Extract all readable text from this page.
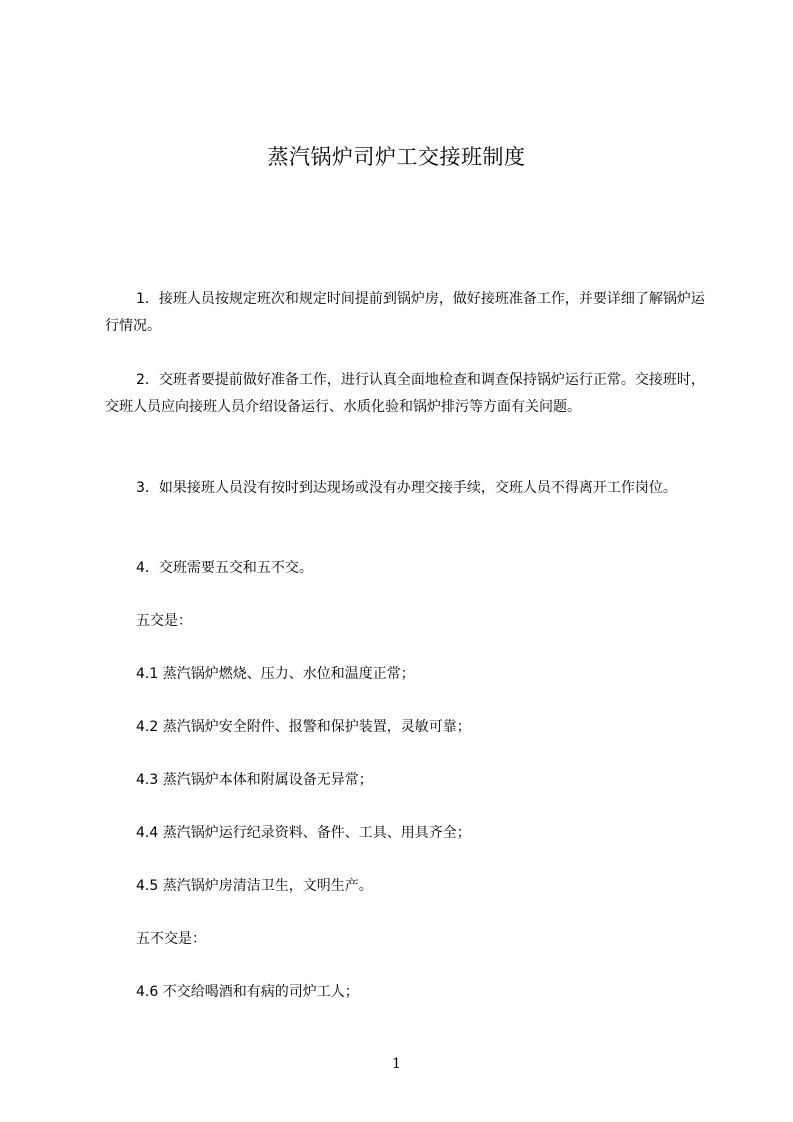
蒸汽锅炉司炉工交接班制度

1．接班人员按规定班次和规定时间提前到锅炉房，做好接班准备工作，并要详细了解锅炉运行情况。

2．交班者要提前做好准备工作，进行认真全面地检查和调查保持锅炉运行正常。交接班时，交班人员应向接班人员介绍设备运行、水质化验和锅炉排污等方面有关问题。

3．如果接班人员没有按时到达现场或没有办理交接手续，交班人员不得离开工作岗位。

4．交班需要五交和五不交。

五交是：

4.1 蒸汽锅炉燃烧、压力、水位和温度正常；

4.2 蒸汽锅炉安全附件、报警和保护装置，灵敏可靠；

4.3 蒸汽锅炉本体和附属设备无异常；

4.4 蒸汽锅炉运行纪录资料、备件、工具、用具齐全；

4.5 蒸汽锅炉房清洁卫生，文明生产。

五不交是：

4.6 不交给喝酒和有病的司炉工人；

1
